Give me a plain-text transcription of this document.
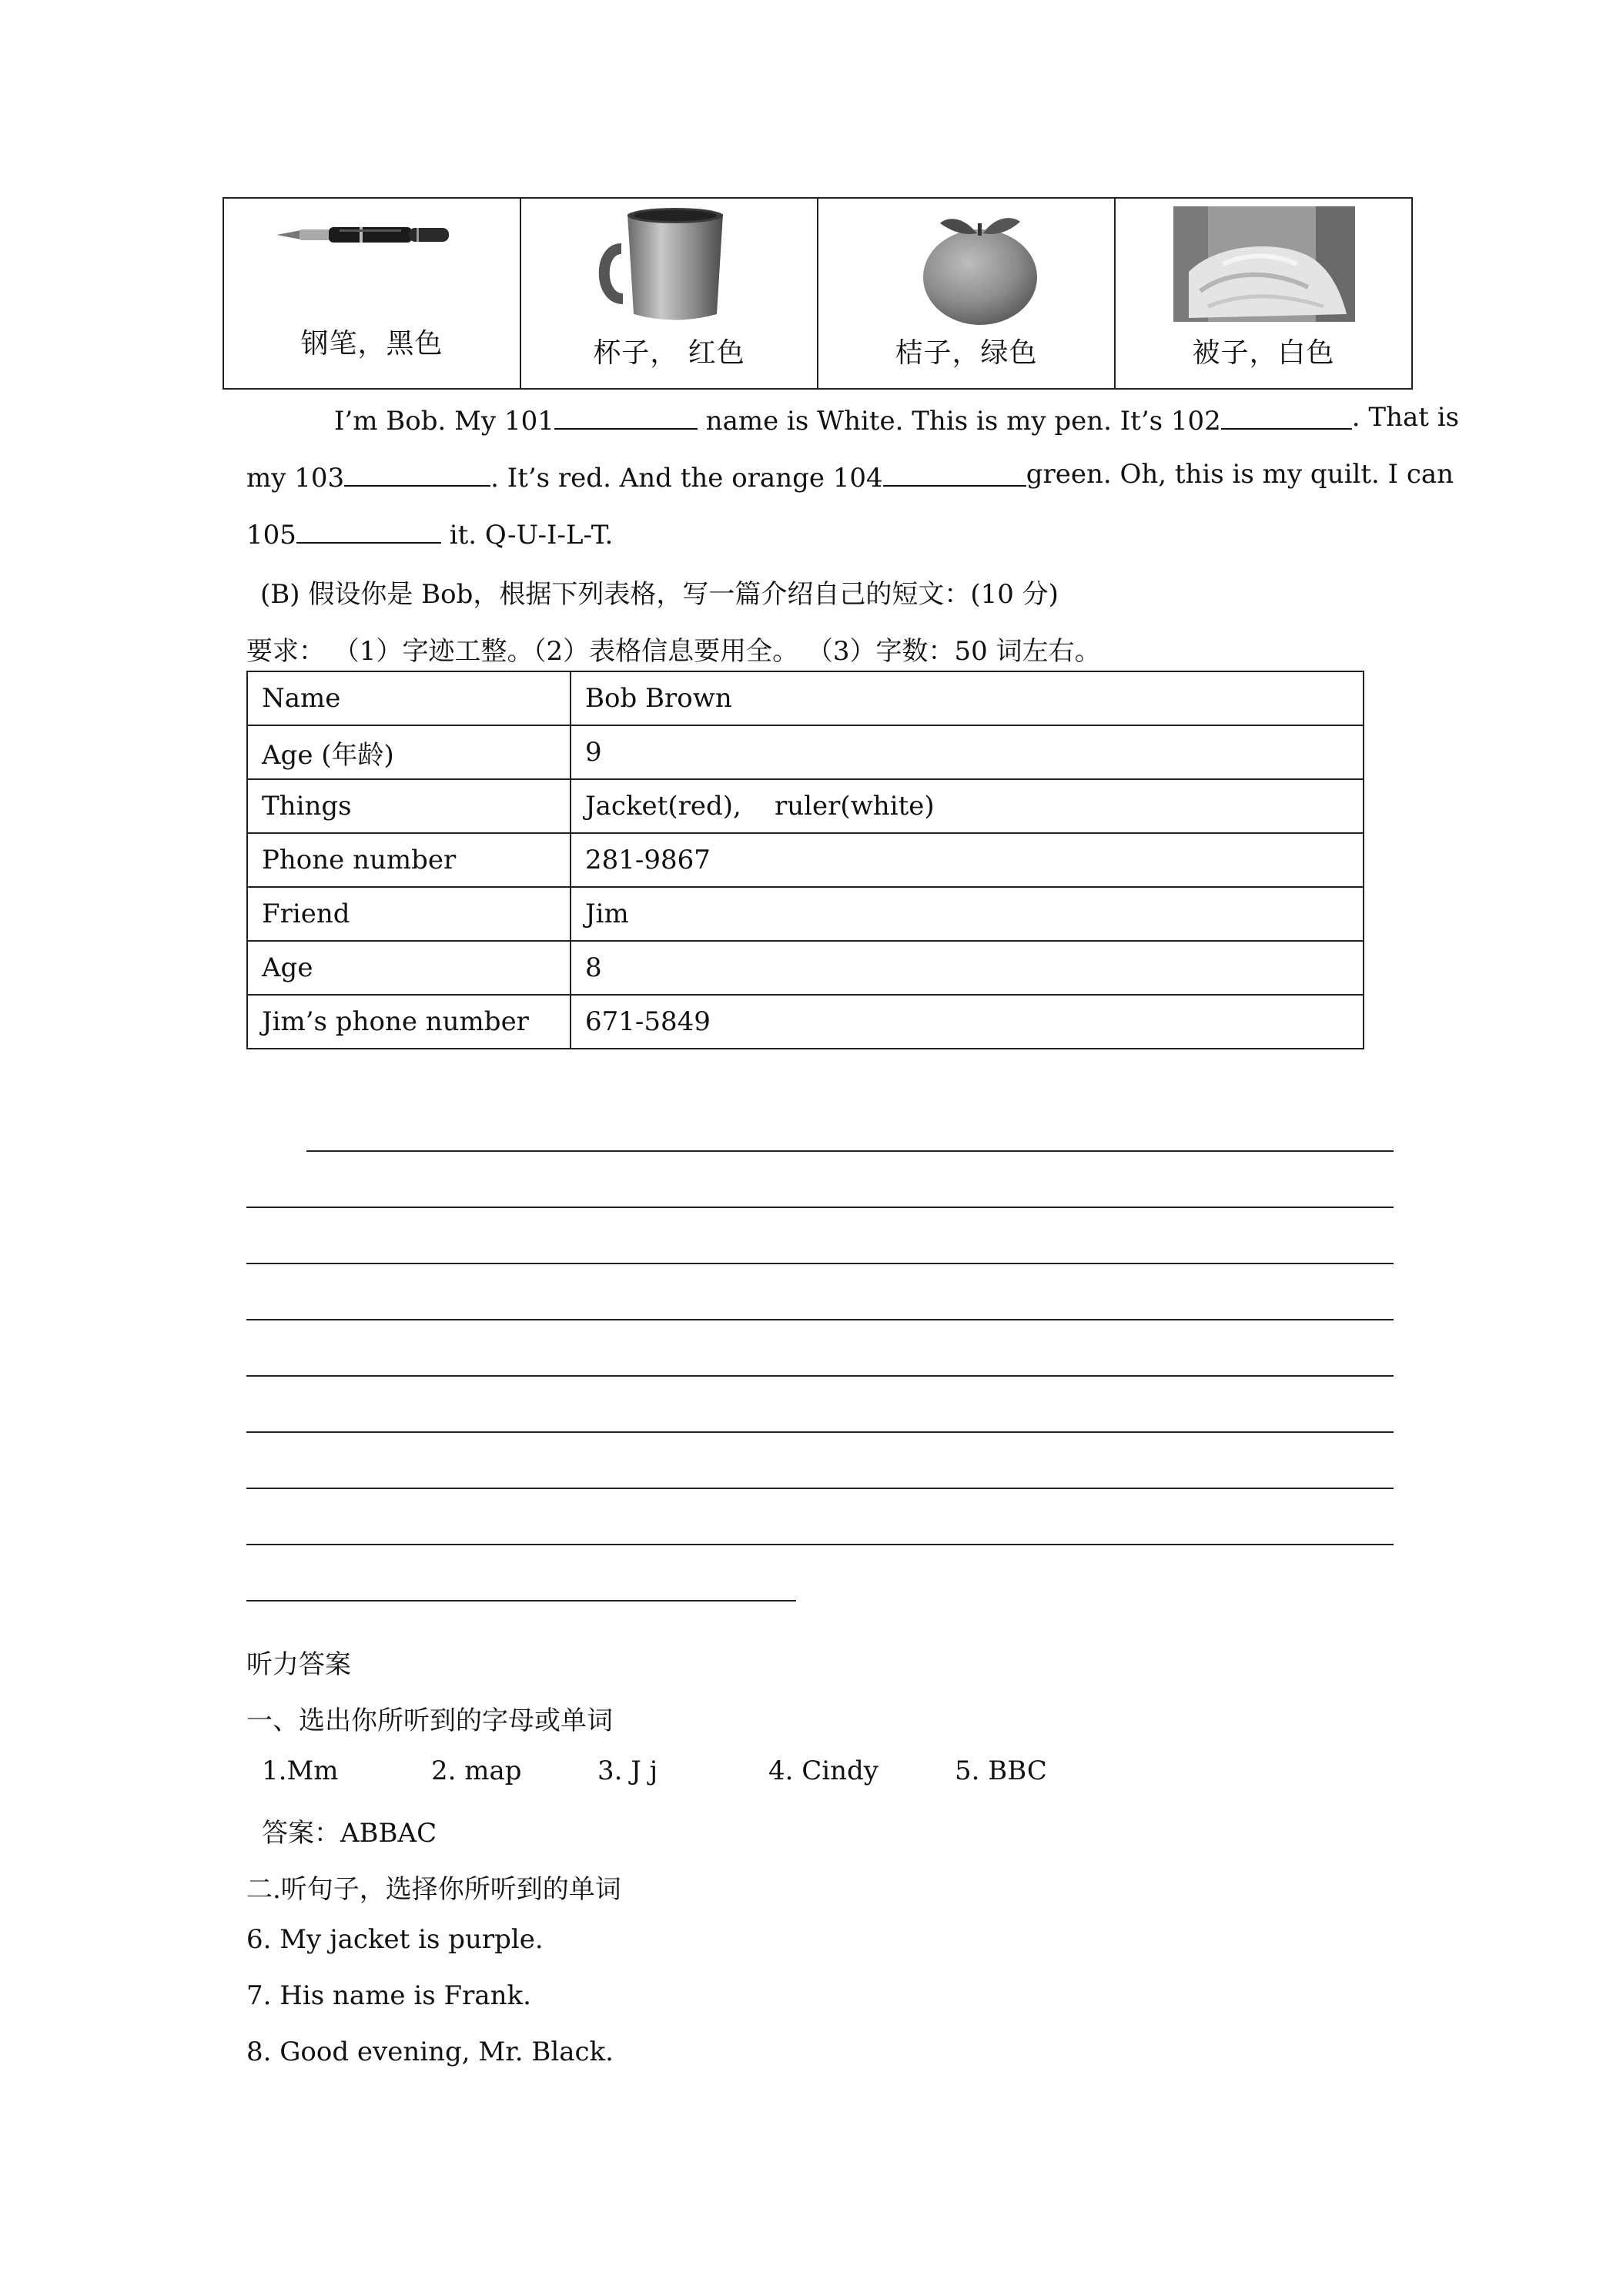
钢笔，黑色	杯子， 红色	桔子，绿色	被子，白色
I’m Bob. My 101	name is White. This is my pen. It’s 102	. That is
my 103	. It’s red. And the orange 104	green. Oh, this is my quilt. I can
105	it. Q-U-I-L-T.
(B) 假设你是 Bob，根据下列表格，写一篇介绍自己的短文：(10 分)
要求： （1）字迹工整。（2）表格信息要用全。 （3）字数：50 词左右。
Name	Bob Brown
Age (年龄)	9
Things	Jacket(red),    ruler(white)
Phone number	281-9867
Friend	Jim
Age	8
Jim’s phone number	671-5849
听力答案
一、选出你所听到的字母或单词
1.Mm	2. map	3. J j	4. Cindy	5. BBC
答案：ABBAC
二.听句子，选择你所听到的单词
6. My jacket is purple.
7. His name is Frank.
8. Good evening, Mr. Black.
